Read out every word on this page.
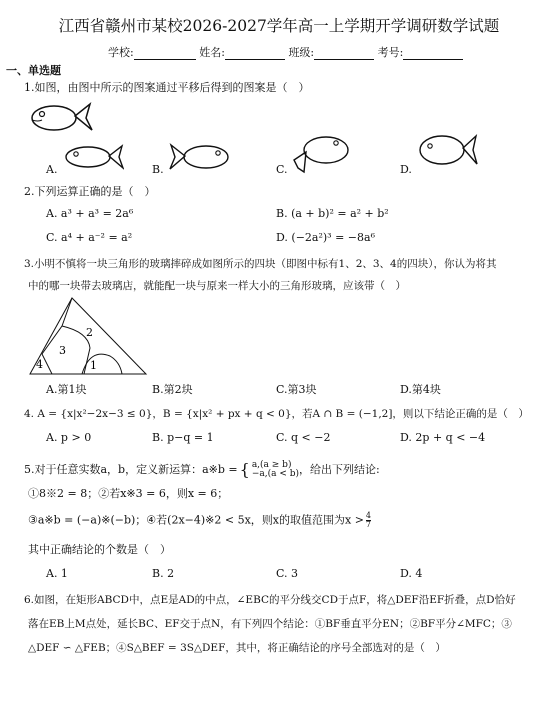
江西省赣州市某校2026-2027学年高一上学期开学调研数学试题
学校:	姓名:	班级:	考号:
一、单选题
1.如图，由图中所示的图案通过平移后得到的图案是（　）
A.	B.	C.	D.
2.下列运算正确的是（　）
A. a³ + a³ = 2a⁶	B. (a + b)² = a² + b²
C. a⁴ + a⁻² = a²	D. (−2a²)³ = −8a⁶
3.小明不慎将一块三角形的玻璃摔碎成如图所示的四块（即图中标有1、2、3、4的四块），你认为将其
中的哪一块带去玻璃店，就能配一块与原来一样大小的三角形玻璃，应该带（　）
2
3
4	1
A.第1块	B.第2块	C.第3块	D.第4块
4. A = {x|x²−2x−3 ≤ 0}，B = {x|x² + px + q < 0}，若A ∩ B = (−1,2]，则以下结论正确的是（　）
A. p > 0	B. p−q = 1	C. q < −2	D. 2p + q < −4
5.对于任意实数a，b，定义新运算：a※b = { a,(a ≥ b)
−a,(a < b) ，给出下列结论:
①8※2 = 8；②若x※3 = 6，则x = 6；
③a※b = (−a)※(−b)；④若(2x−4)※2 < 5x，则x的取值范围为$x > \frac{4}{7}$
其中正确结论的个数是（　）
A. 1	B. 2	C. 3	D. 4
6.如图，在矩形ABCD中，点E是AD的中点，∠EBC的平分线交CD于点F，将△DEF沿EF折叠，点D恰好
落在EB上M点处，延长BC、EF交于点N，有下列四个结论：①BF垂直平分EN；②BF平分∠MFC；③
△DEF ∽ △FEB；④S△BEF = 3S△DEF，其中，将正确结论的序号全部选对的是（　）
